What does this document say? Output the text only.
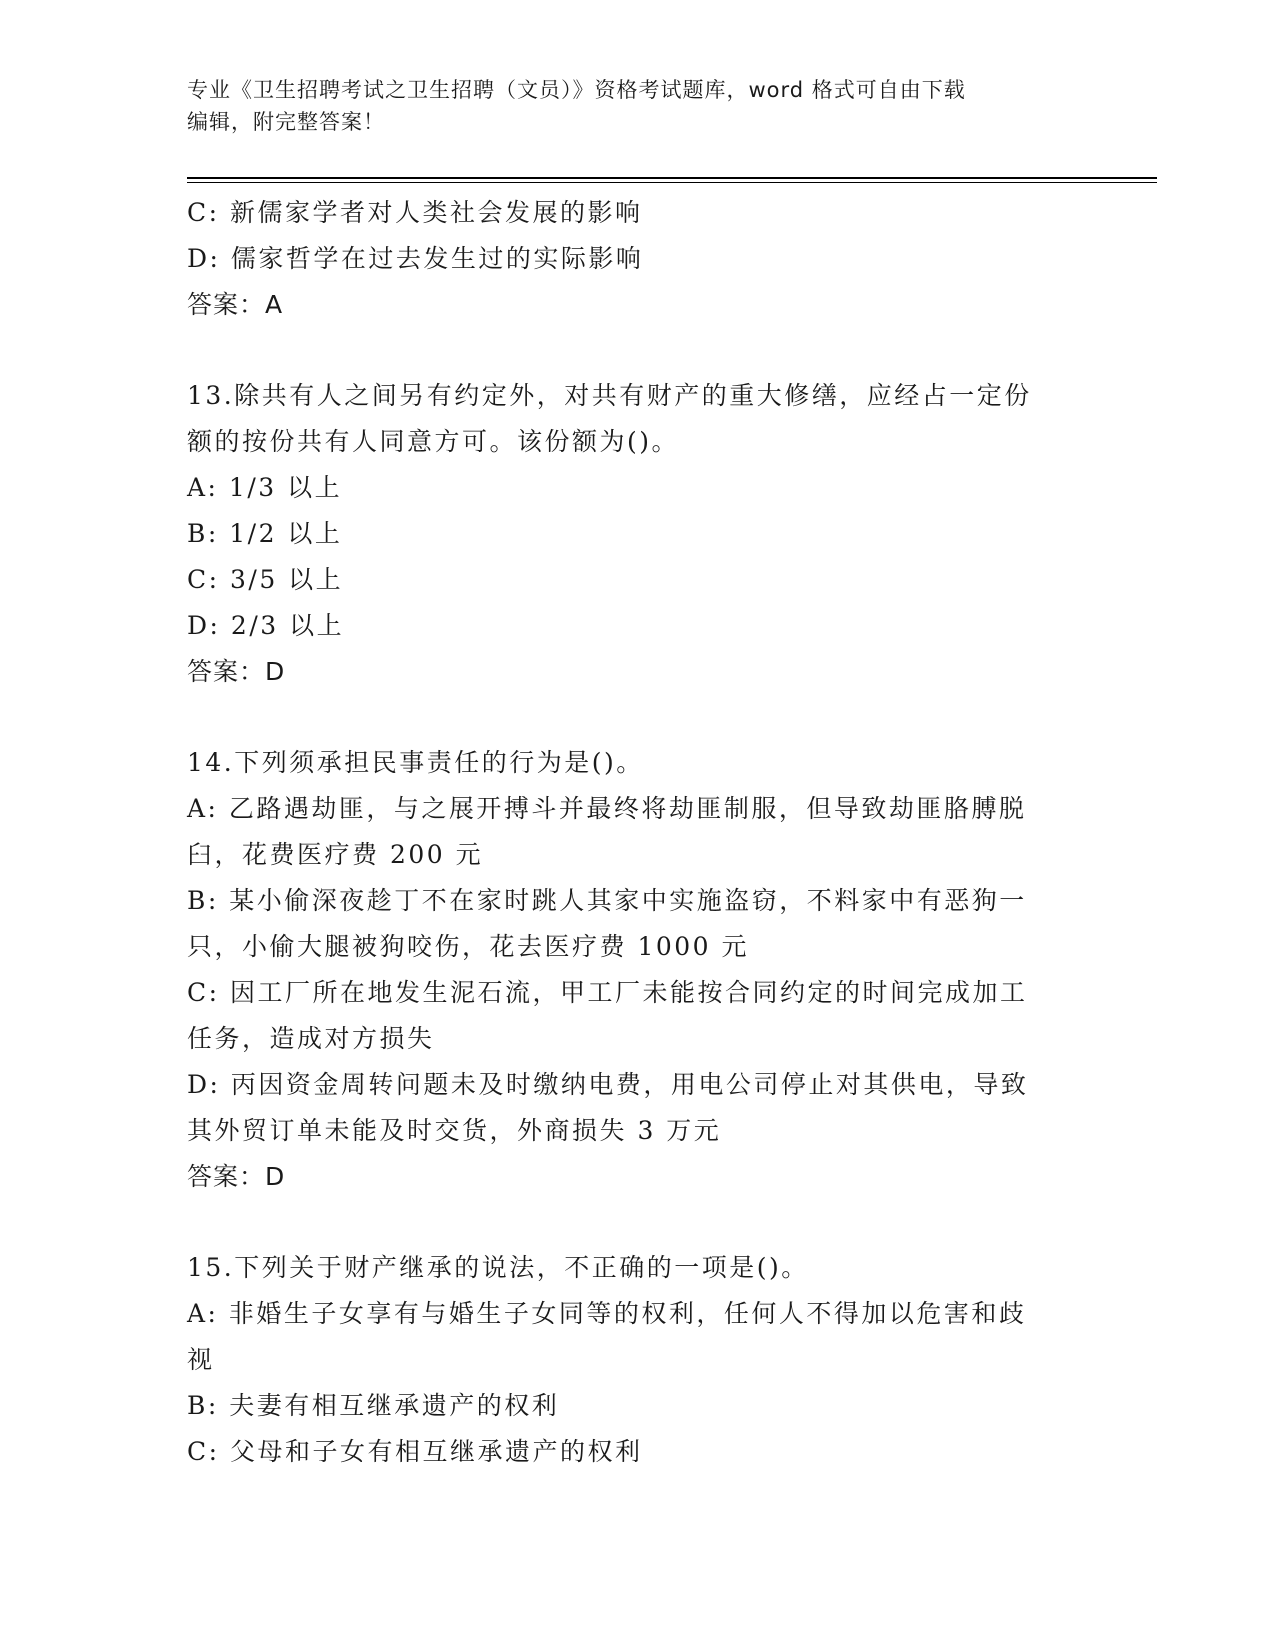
专业《卫生招聘考试之卫生招聘（文员）》资格考试题库，word 格式可自由下载
编辑，附完整答案！

C: 新儒家学者对人类社会发展的影响

D: 儒家哲学在过去发生过的实际影响

答案：A

13.除共有人之间另有约定外，对共有财产的重大修缮，应经占一定份

额的按份共有人同意方可。该份额为()。

A: 1/3 以上

B: 1/2 以上

C: 3/5 以上

D: 2/3 以上

答案：D

14.下列须承担民事责任的行为是()。

A: 乙路遇劫匪，与之展开搏斗并最终将劫匪制服，但导致劫匪胳膊脱

臼，花费医疗费 200 元

B: 某小偷深夜趁丁不在家时跳人其家中实施盗窃，不料家中有恶狗一

只，小偷大腿被狗咬伤，花去医疗费 1000 元

C: 因工厂所在地发生泥石流，甲工厂未能按合同约定的时间完成加工

任务，造成对方损失

D: 丙因资金周转问题未及时缴纳电费，用电公司停止对其供电，导致

其外贸订单未能及时交货，外商损失 3 万元

答案：D

15.下列关于财产继承的说法，不正确的一项是()。

A: 非婚生子女享有与婚生子女同等的权利，任何人不得加以危害和歧

视

B: 夫妻有相互继承遗产的权利

C: 父母和子女有相互继承遗产的权利
